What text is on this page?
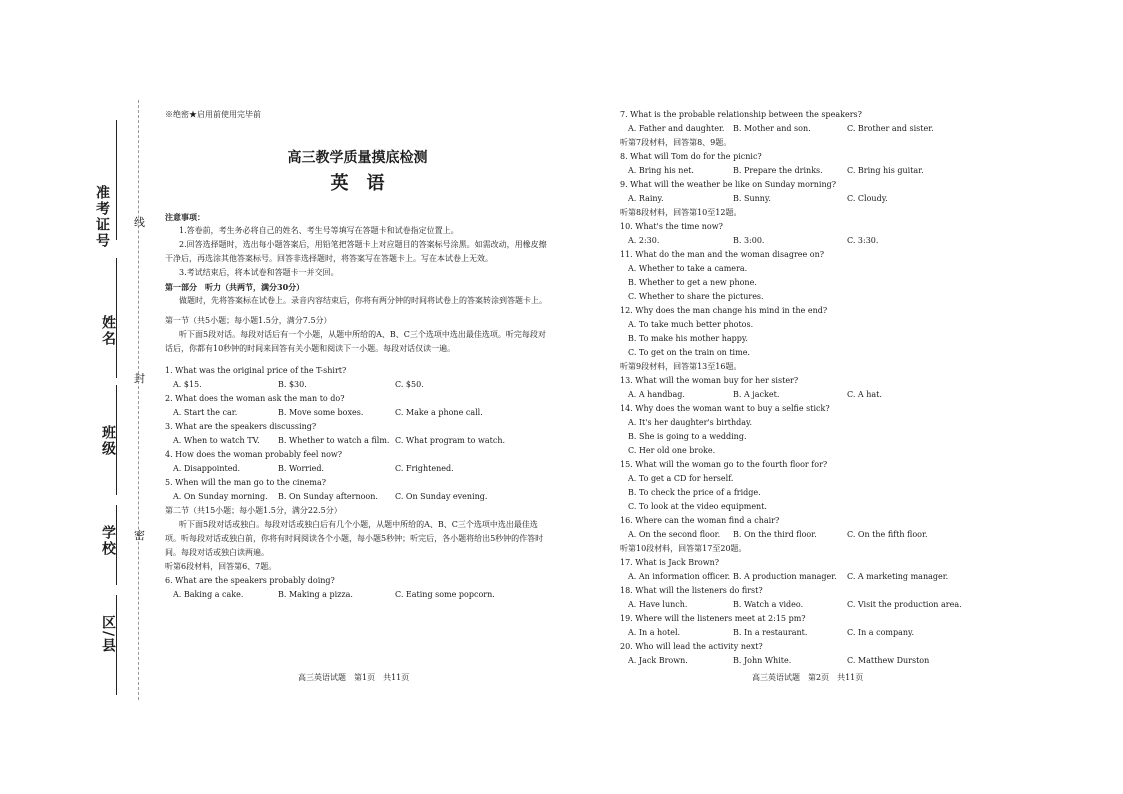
准考证号
姓名
班级
学校
区/县
线
封
密
※绝密★启用前使用完毕前
高三教学质量摸底检测
英　语
注意事项：
1.答卷前，考生务必将自己的姓名、考生号等填写在答题卡和试卷指定位置上。
2.回答选择题时，选出每小题答案后，用铅笔把答题卡上对应题目的答案标号涂黑。如需改动，用橡皮擦干净后，再选涂其他答案标号。回答非选择题时，将答案写在答题卡上。写在本试卷上无效。
3.考试结束后，将本试卷和答题卡一并交回。
第一部分　听力（共两节，满分30分）
做题时，先将答案标在试卷上。录音内容结束后，你将有两分钟的时间将试卷上的答案转涂到答题卡上。
第一节（共5小题；每小题1.5分，满分7.5分）
听下面5段对话。每段对话后有一个小题，从题中所给的A、B、C三个选项中选出最佳选项。听完每段对话后，你都有10秒钟的时间来回答有关小题和阅读下一小题。每段对话仅读一遍。
1. What was the original price of the T-shirt?
A. $15.	B. $30.	C. $50.
2. What does the woman ask the man to do?
A. Start the car.	B. Move some boxes.	C. Make a phone call.
3. What are the speakers discussing?
A. When to watch TV.	B. Whether to watch a film. C. What program to watch.
4. How does the woman probably feel now?
A. Disappointed.	B. Worried.	C. Frightened.
5. When will the man go to the cinema?
A. On Sunday morning.	B. On Sunday afternoon.	C. On Sunday evening.
第二节（共15小题；每小题1.5分，满分22.5分）
听下面5段对话或独白。每段对话或独白后有几个小题，从题中所给的A、B、C三个选项中选出最佳选项。听每段对话或独白前，你将有时间阅读各个小题，每小题5秒钟；听完后，各小题将给出5秒钟的作答时间。每段对话或独白读两遍。
听第6段材料，回答第6、7题。
6. What are the speakers probably doing?
A. Baking a cake.	B. Making a pizza.	C. Eating some popcorn.
高三英语试题　第1页　共11页
7. What is the probable relationship between the speakers?
A. Father and daughter.	B. Mother and son.	C. Brother and sister.
听第7段材料，回答第8、9题。
8. What will Tom do for the picnic?
A. Bring his net.	B. Prepare the drinks.	C. Bring his guitar.
9. What will the weather be like on Sunday morning?
A. Rainy.	B. Sunny.	C. Cloudy.
听第8段材料，回答第10至12题。
10. What's the time now?
A. 2:30.	B. 3:00.	C. 3:30.
11. What do the man and the woman disagree on?
A. Whether to take a camera.
B. Whether to get a new phone.
C. Whether to share the pictures.
12. Why does the man change his mind in the end?
A. To take much better photos.
B. To make his mother happy.
C. To get on the train on time.
听第9段材料，回答第13至16题。
13. What will the woman buy for her sister?
A. A handbag.	B. A jacket.	C. A hat.
14. Why does the woman want to buy a selfie stick?
A. It's her daughter's birthday.
B. She is going to a wedding.
C. Her old one broke.
15. What will the woman go to the fourth floor for?
A. To get a CD for herself.
B. To check the price of a fridge.
C. To look at the video equipment.
16. Where can the woman find a chair?
A. On the second floor.	B. On the third floor.	C. On the fifth floor.
听第10段材料，回答第17至20题。
17. What is Jack Brown?
A. An information officer. B. A production manager.	C. A marketing manager.
18. What will the listeners do first?
A. Have lunch.	B. Watch a video.	C. Visit the production area.
19. Where will the listeners meet at 2:15 pm?
A. In a hotel.	B. In a restaurant.	C. In a company.
20. Who will lead the activity next?
A. Jack Brown.	B. John White.	C. Matthew Durston
高三英语试题　第2页　共11页
